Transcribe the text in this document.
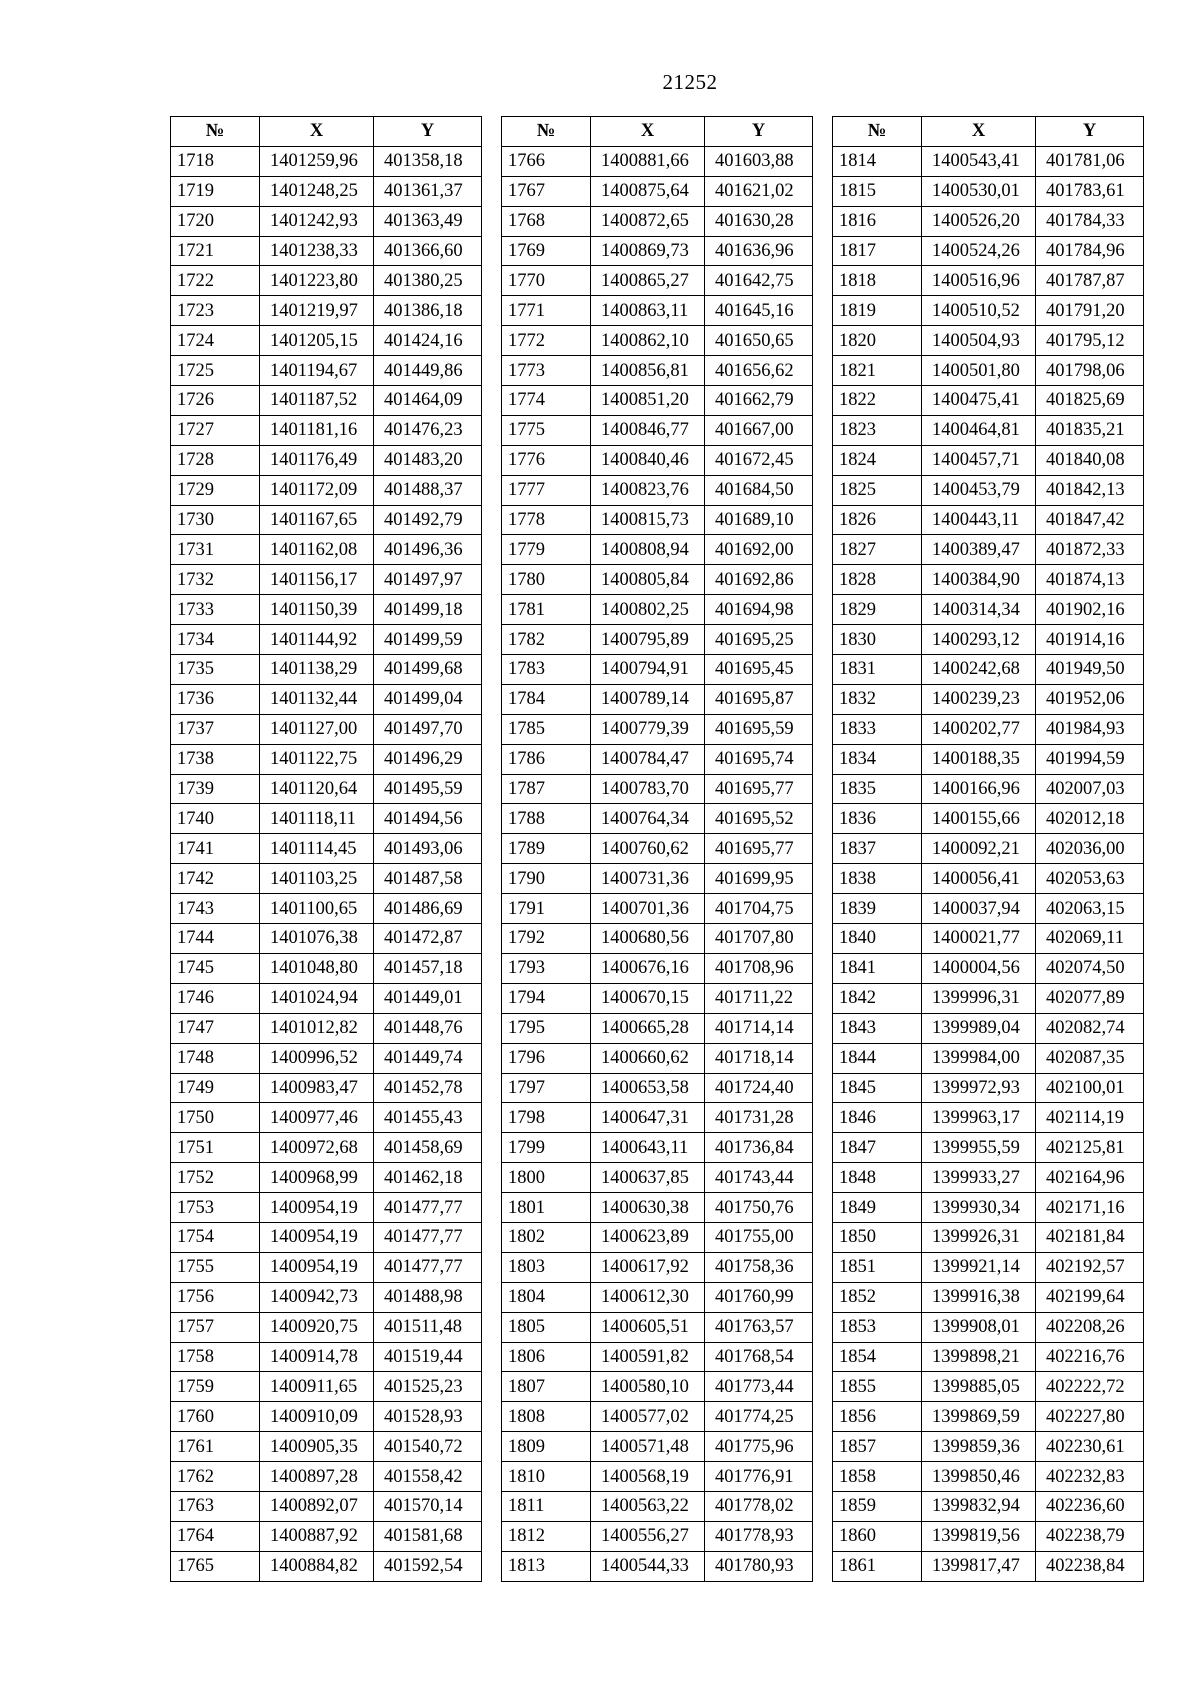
21252
№	X	Y
1718	1401259,96	401358,18
1719	1401248,25	401361,37
1720	1401242,93	401363,49
1721	1401238,33	401366,60
1722	1401223,80	401380,25
1723	1401219,97	401386,18
1724	1401205,15	401424,16
1725	1401194,67	401449,86
1726	1401187,52	401464,09
1727	1401181,16	401476,23
1728	1401176,49	401483,20
1729	1401172,09	401488,37
1730	1401167,65	401492,79
1731	1401162,08	401496,36
1732	1401156,17	401497,97
1733	1401150,39	401499,18
1734	1401144,92	401499,59
1735	1401138,29	401499,68
1736	1401132,44	401499,04
1737	1401127,00	401497,70
1738	1401122,75	401496,29
1739	1401120,64	401495,59
1740	1401118,11	401494,56
1741	1401114,45	401493,06
1742	1401103,25	401487,58
1743	1401100,65	401486,69
1744	1401076,38	401472,87
1745	1401048,80	401457,18
1746	1401024,94	401449,01
1747	1401012,82	401448,76
1748	1400996,52	401449,74
1749	1400983,47	401452,78
1750	1400977,46	401455,43
1751	1400972,68	401458,69
1752	1400968,99	401462,18
1753	1400954,19	401477,77
1754	1400954,19	401477,77
1755	1400954,19	401477,77
1756	1400942,73	401488,98
1757	1400920,75	401511,48
1758	1400914,78	401519,44
1759	1400911,65	401525,23
1760	1400910,09	401528,93
1761	1400905,35	401540,72
1762	1400897,28	401558,42
1763	1400892,07	401570,14
1764	1400887,92	401581,68
1765	1400884,82	401592,54
№	X	Y
1766	1400881,66	401603,88
1767	1400875,64	401621,02
1768	1400872,65	401630,28
1769	1400869,73	401636,96
1770	1400865,27	401642,75
1771	1400863,11	401645,16
1772	1400862,10	401650,65
1773	1400856,81	401656,62
1774	1400851,20	401662,79
1775	1400846,77	401667,00
1776	1400840,46	401672,45
1777	1400823,76	401684,50
1778	1400815,73	401689,10
1779	1400808,94	401692,00
1780	1400805,84	401692,86
1781	1400802,25	401694,98
1782	1400795,89	401695,25
1783	1400794,91	401695,45
1784	1400789,14	401695,87
1785	1400779,39	401695,59
1786	1400784,47	401695,74
1787	1400783,70	401695,77
1788	1400764,34	401695,52
1789	1400760,62	401695,77
1790	1400731,36	401699,95
1791	1400701,36	401704,75
1792	1400680,56	401707,80
1793	1400676,16	401708,96
1794	1400670,15	401711,22
1795	1400665,28	401714,14
1796	1400660,62	401718,14
1797	1400653,58	401724,40
1798	1400647,31	401731,28
1799	1400643,11	401736,84
1800	1400637,85	401743,44
1801	1400630,38	401750,76
1802	1400623,89	401755,00
1803	1400617,92	401758,36
1804	1400612,30	401760,99
1805	1400605,51	401763,57
1806	1400591,82	401768,54
1807	1400580,10	401773,44
1808	1400577,02	401774,25
1809	1400571,48	401775,96
1810	1400568,19	401776,91
1811	1400563,22	401778,02
1812	1400556,27	401778,93
1813	1400544,33	401780,93
№	X	Y
1814	1400543,41	401781,06
1815	1400530,01	401783,61
1816	1400526,20	401784,33
1817	1400524,26	401784,96
1818	1400516,96	401787,87
1819	1400510,52	401791,20
1820	1400504,93	401795,12
1821	1400501,80	401798,06
1822	1400475,41	401825,69
1823	1400464,81	401835,21
1824	1400457,71	401840,08
1825	1400453,79	401842,13
1826	1400443,11	401847,42
1827	1400389,47	401872,33
1828	1400384,90	401874,13
1829	1400314,34	401902,16
1830	1400293,12	401914,16
1831	1400242,68	401949,50
1832	1400239,23	401952,06
1833	1400202,77	401984,93
1834	1400188,35	401994,59
1835	1400166,96	402007,03
1836	1400155,66	402012,18
1837	1400092,21	402036,00
1838	1400056,41	402053,63
1839	1400037,94	402063,15
1840	1400021,77	402069,11
1841	1400004,56	402074,50
1842	1399996,31	402077,89
1843	1399989,04	402082,74
1844	1399984,00	402087,35
1845	1399972,93	402100,01
1846	1399963,17	402114,19
1847	1399955,59	402125,81
1848	1399933,27	402164,96
1849	1399930,34	402171,16
1850	1399926,31	402181,84
1851	1399921,14	402192,57
1852	1399916,38	402199,64
1853	1399908,01	402208,26
1854	1399898,21	402216,76
1855	1399885,05	402222,72
1856	1399869,59	402227,80
1857	1399859,36	402230,61
1858	1399850,46	402232,83
1859	1399832,94	402236,60
1860	1399819,56	402238,79
1861	1399817,47	402238,84
